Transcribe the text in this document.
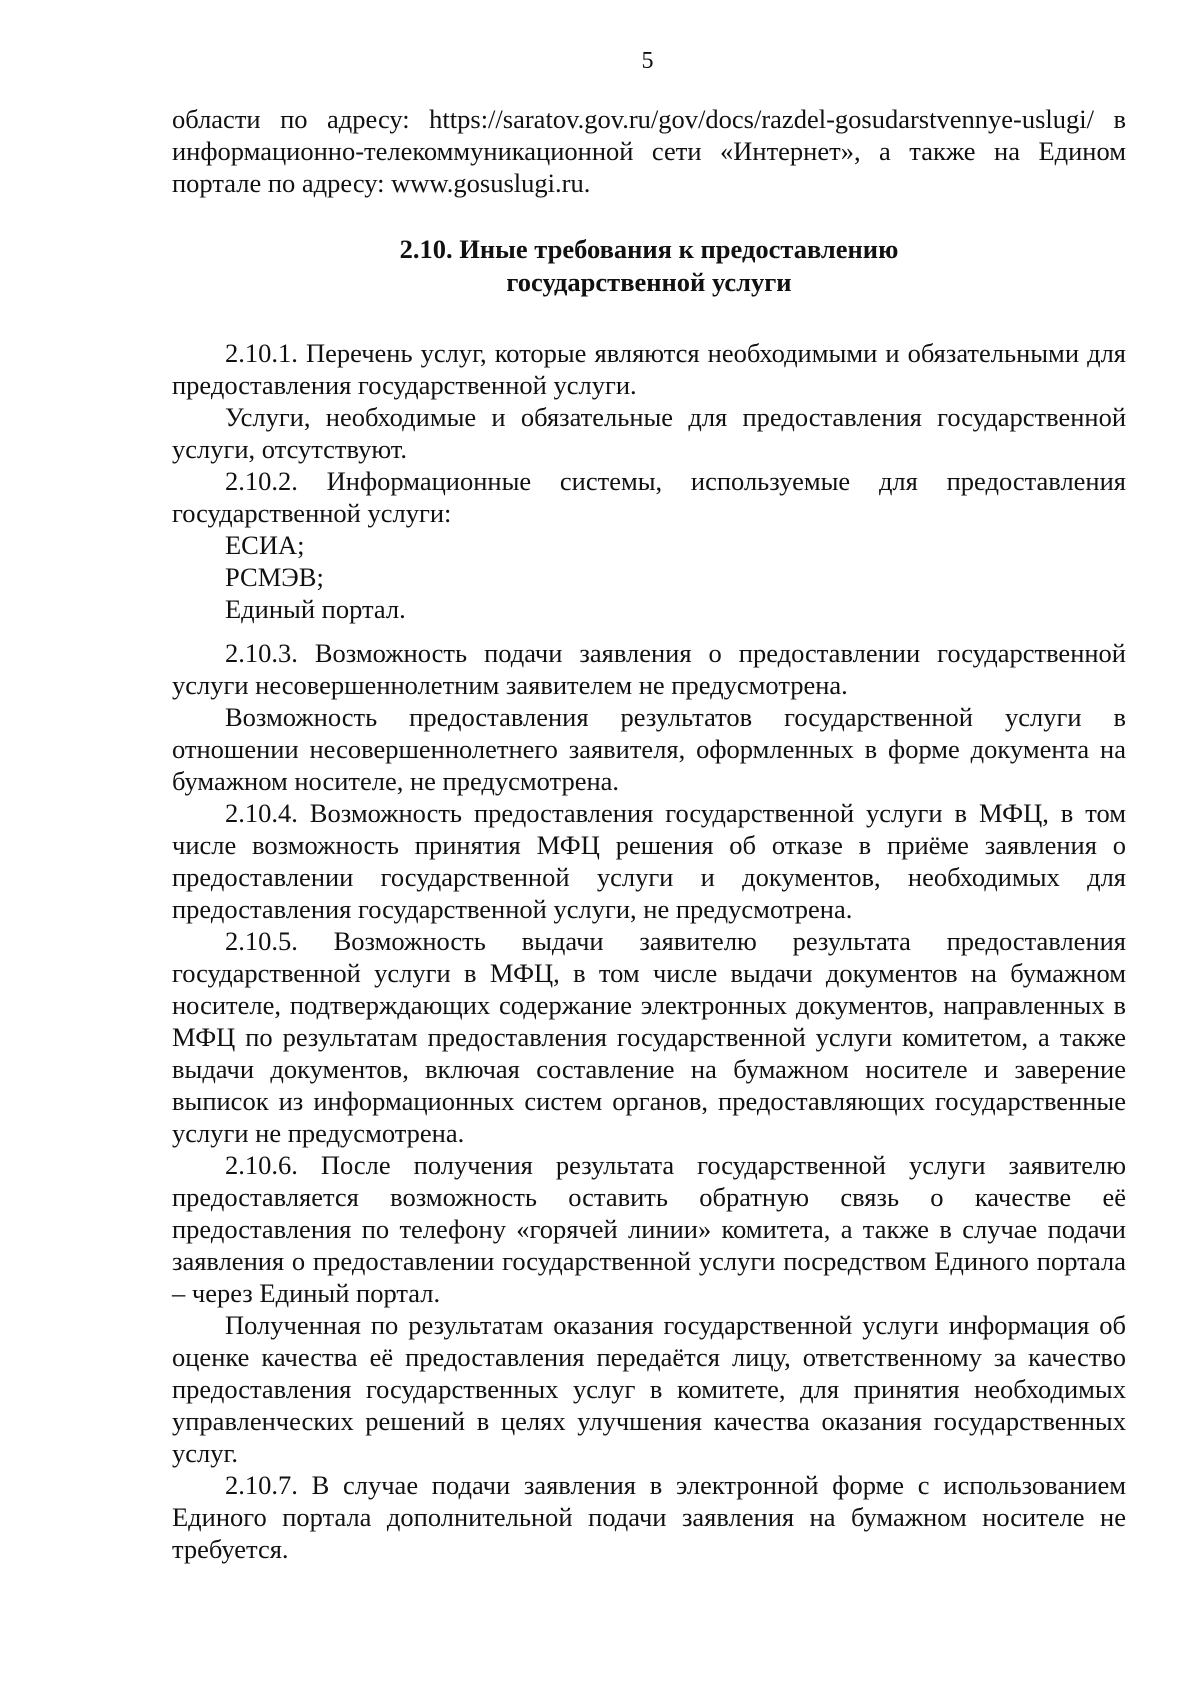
5

области по адресу: https://saratov.gov.ru/gov/docs/razdel-gosudarstvennye-uslugi/ в информационно-телекоммуникационной сети «Интернет», а также на Едином портале по адресу: www.gosuslugi.ru.

2.10. Иные требования к предоставлению
государственной услуги

2.10.1. Перечень услуг, которые являются необходимыми и обязательными для предоставления государственной услуги.

Услуги, необходимые и обязательные для предоставления государственной услуги, отсутствуют.

2.10.2. Информационные системы, используемые для предоставления государственной услуги:

ЕСИА;

РСМЭВ;

Единый портал.

2.10.3. Возможность подачи заявления о предоставлении государственной услуги несовершеннолетним заявителем не предусмотрена.

Возможность предоставления результатов государственной услуги в отношении несовершеннолетнего заявителя, оформленных в форме документа на бумажном носителе, не предусмотрена.

2.10.4. Возможность предоставления государственной услуги в МФЦ, в том числе возможность принятия МФЦ решения об отказе в приёме заявления о предоставлении государственной услуги и документов, необходимых для предоставления государственной услуги, не предусмотрена.

2.10.5. Возможность выдачи заявителю результата предоставления государственной услуги в МФЦ, в том числе выдачи документов на бумажном носителе, подтверждающих содержание электронных документов, направленных в МФЦ по результатам предоставления государственной услуги комитетом, а также выдачи документов, включая составление на бумажном носителе и заверение выписок из информационных систем органов, предоставляющих государственные услуги не предусмотрена.

2.10.6. После получения результата государственной услуги заявителю предоставляется возможность оставить обратную связь о качестве её предоставления по телефону «горячей линии» комитета, а также в случае подачи заявления о предоставлении государственной услуги посредством Единого портала – через Единый портал.

Полученная по результатам оказания государственной услуги информация об оценке качества её предоставления передаётся лицу, ответственному за качество предоставления государственных услуг в комитете, для принятия необходимых управленческих решений в целях улучшения качества оказания государственных услуг.

2.10.7. В случае подачи заявления в электронной форме с использованием Единого портала дополнительной подачи заявления на бумажном носителе не требуется.
